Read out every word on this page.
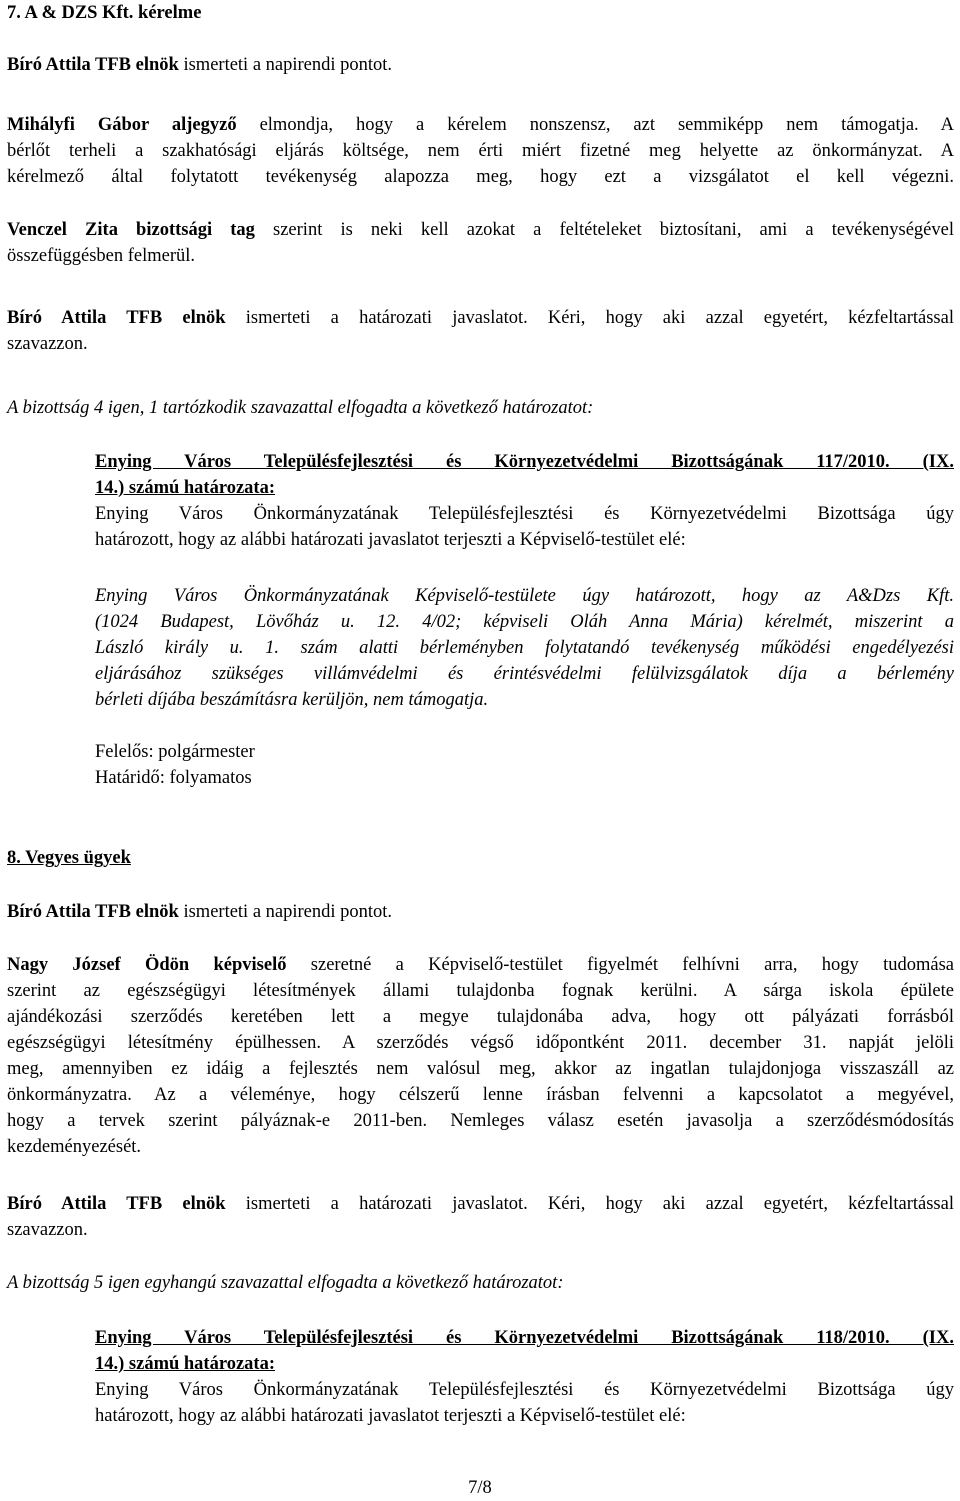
7. A & DZS Kft. kérelme
Bíró Attila TFB elnök ismerteti a napirendi pontot.
Mihályfi Gábor aljegyző elmondja, hogy a kérelem nonszensz, azt semmiképp nem támogatja. A
bérlőt terheli a szakhatósági eljárás költsége, nem érti miért fizetné meg helyette az önkormányzat. A
kérelmező által folytatott tevékenység alapozza meg, hogy ezt a vizsgálatot el kell végezni.
Venczel Zita bizottsági tag szerint is neki kell azokat a feltételeket biztosítani, ami a tevékenységével
összefüggésben felmerül.
Bíró Attila TFB elnök ismerteti a határozati javaslatot. Kéri, hogy aki azzal egyetért, kézfeltartással
szavazzon.
A bizottság 4 igen, 1 tartózkodik szavazattal elfogadta a következő határozatot:
Enying Város Településfejlesztési és Környezetvédelmi Bizottságának 117/2010. (IX.
14.) számú határozata:
Enying Város Önkormányzatának Településfejlesztési és Környezetvédelmi Bizottsága úgy
határozott, hogy az alábbi határozati javaslatot terjeszti a Képviselő-testület elé:
Enying Város Önkormányzatának Képviselő-testülete úgy határozott, hogy az A&Dzs Kft.
(1024 Budapest, Lövőház u. 12. 4/02; képviseli Oláh Anna Mária) kérelmét, miszerint a
László király u. 1. szám alatti bérleményben folytatandó tevékenység működési engedélyezési
eljárásához szükséges villámvédelmi és érintésvédelmi felülvizsgálatok díja a bérlemény
bérleti díjába beszámításra kerüljön, nem támogatja.
Felelős: polgármester
Határidő: folyamatos
8. Vegyes ügyek
Bíró Attila TFB elnök ismerteti a napirendi pontot.
Nagy József Ödön képviselő szeretné a Képviselő-testület figyelmét felhívni arra, hogy tudomása
szerint az egészségügyi létesítmények állami tulajdonba fognak kerülni. A sárga iskola épülete
ajándékozási szerződés keretében lett a megye tulajdonába adva, hogy ott pályázati forrásból
egészségügyi létesítmény épülhessen. A szerződés végső időpontként 2011. december 31. napját jelöli
meg, amennyiben ez idáig a fejlesztés nem valósul meg, akkor az ingatlan tulajdonjoga visszaszáll az
önkormányzatra. Az a véleménye, hogy célszerű lenne írásban felvenni a kapcsolatot a megyével,
hogy a tervek szerint pályáznak-e 2011-ben. Nemleges válasz esetén javasolja a szerződésmódosítás
kezdeményezését.
Bíró Attila TFB elnök ismerteti a határozati javaslatot. Kéri, hogy aki azzal egyetért, kézfeltartással
szavazzon.
A bizottság 5 igen egyhangú szavazattal elfogadta a következő határozatot:
Enying Város Településfejlesztési és Környezetvédelmi Bizottságának 118/2010. (IX.
14.) számú határozata:
Enying Város Önkormányzatának Településfejlesztési és Környezetvédelmi Bizottsága úgy
határozott, hogy az alábbi határozati javaslatot terjeszti a Képviselő-testület elé:
7/8
